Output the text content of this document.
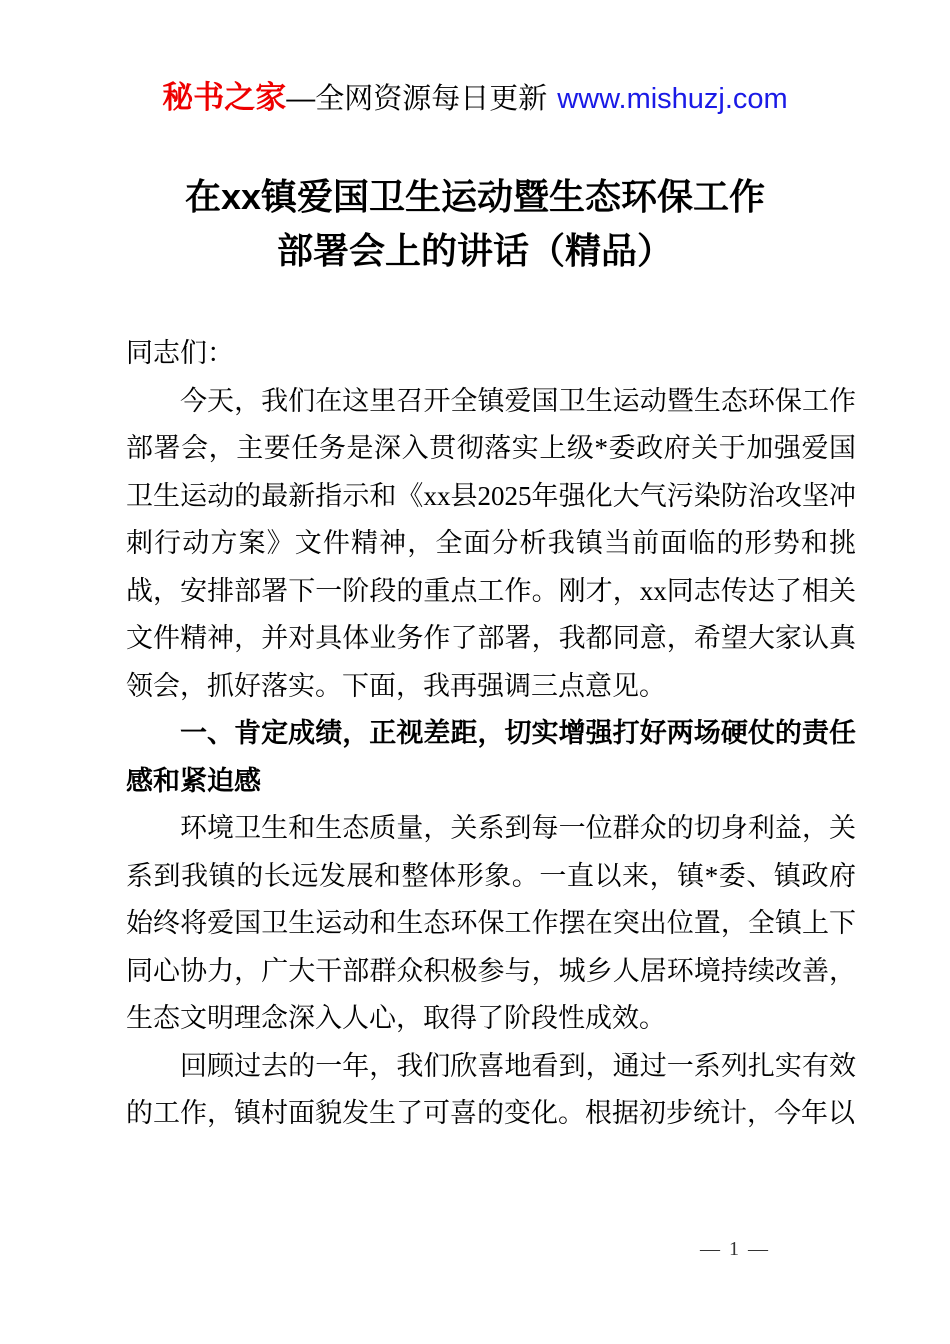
秘书之家—全网资源每日更新 www.mishuzj.com
在xx镇爱国卫生运动暨生态环保工作
部署会上的讲话（精品）

同志们：

今天，我们在这里召开全镇爱国卫生运动暨生态环保工作部署会，主要任务是深入贯彻落实上级*委政府关于加强爱国卫生运动的最新指示和《xx县2025年强化大气污染防治攻坚冲刺行动方案》文件精神，全面分析我镇当前面临的形势和挑战，安排部署下一阶段的重点工作。刚才，xx同志传达了相关文件精神，并对具体业务作了部署，我都同意，希望大家认真领会，抓好落实。下面，我再强调三点意见。

一、肯定成绩，正视差距，切实增强打好两场硬仗的责任感和紧迫感

环境卫生和生态质量，关系到每一位群众的切身利益，关系到我镇的长远发展和整体形象。一直以来，镇*委、镇政府始终将爱国卫生运动和生态环保工作摆在突出位置，全镇上下同心协力，广大干部群众积极参与，城乡人居环境持续改善，生态文明理念深入人心，取得了阶段性成效。

回顾过去的一年，我们欣喜地看到，通过一系列扎实有效的工作，镇村面貌发生了可喜的变化。根据初步统计，今年以

— 1 —
